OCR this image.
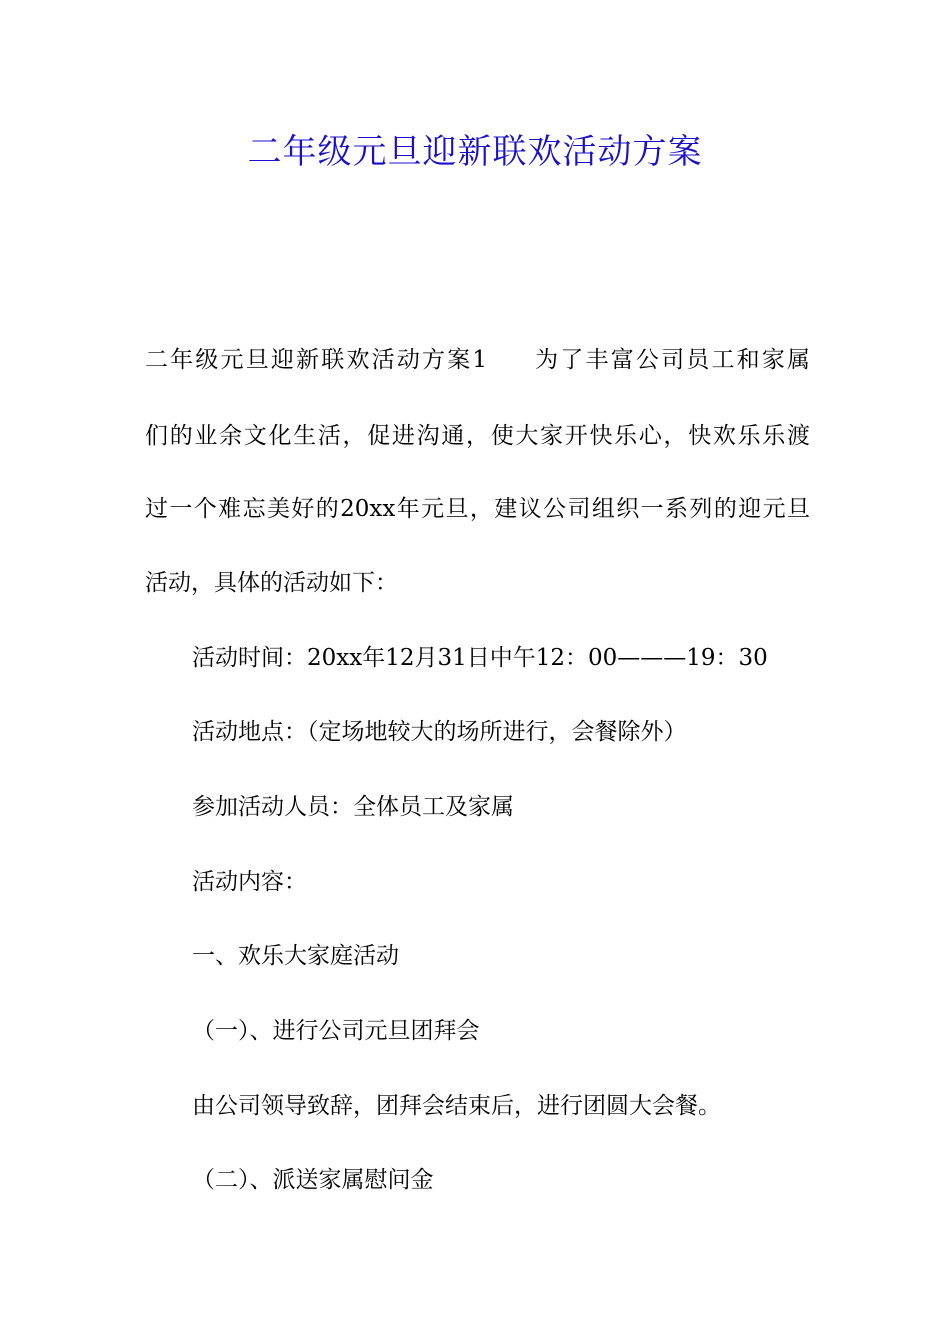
二年级元旦迎新联欢活动方案
二年级元旦迎新联欢活动方案1 为了丰富公司员工和家属
们的业余文化生活，促进沟通，使大家开快乐心，快欢乐乐渡
过一个难忘美好的20xx年元旦，建议公司组织一系列的迎元旦
活动，具体的活动如下：
活动时间：20xx年12月31日中午12：00———19：30
活动地点：（定场地较大的场所进行，会餐除外）
参加活动人员：全体员工及家属
活动内容：
一、欢乐大家庭活动
（一）、进行公司元旦团拜会
由公司领导致辞，团拜会结束后，进行团圆大会餐。
（二）、派送家属慰问金
